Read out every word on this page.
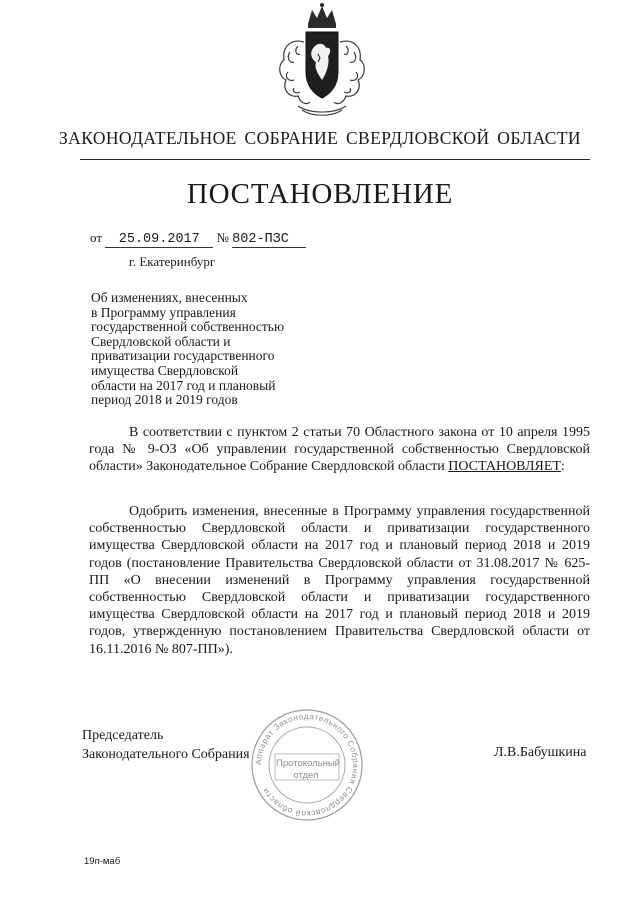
ЗАКОНОДАТЕЛЬНОЕ СОБРАНИЕ СВЕРДЛОВСКОЙ ОБЛАСТИ
ПОСТАНОВЛЕНИЕ
от 25.09.2017 № 802-ПЗС
г. Екатеринбург
Об изменениях, внесенных
в Программу управления
государственной собственностью
Свердловской области и
приватизации государственного
имущества Свердловской
области на 2017 год и плановый
период 2018 и 2019 годов
В соответствии с пунктом 2 статьи 70 Областного закона от 10 апреля 1995 года № 9-ОЗ «Об управлении государственной собственностью Свердловской области» Законодательное Собрание Свердловской области ПОСТАНОВЛЯЕТ:
Одобрить изменения, внесенные в Программу управления государственной собственностью Свердловской области и приватизации государственного имущества Свердловской области на 2017 год и плановый период 2018 и 2019 годов (постановление Правительства Свердловской области от 31.08.2017 № 625-ПП «О внесении изменений в Программу управления государственной собственностью Свердловской области и приватизации государственного имущества Свердловской области на 2017 год и плановый период 2018 и 2019 годов, утвержденную постановлением Правительства Свердловской области от 16.11.2016 № 807-ПП»).
Председатель
Законодательного Собрания	Л.В.Бабушкина
Аппарат Законодательного Собрания Свердловской области
Протокольный
отдел
19п-маб
